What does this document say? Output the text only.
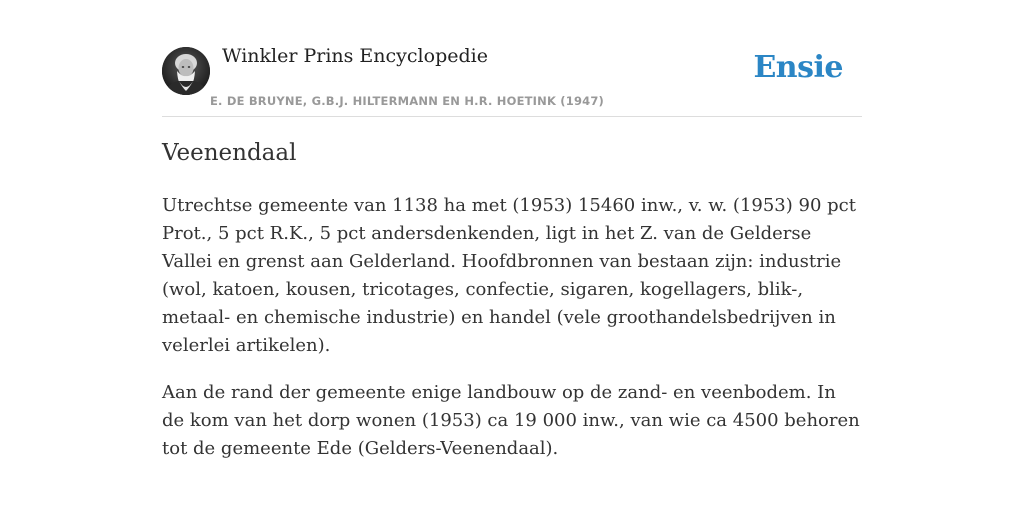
Winkler Prins Encyclopedie

E. DE BRUYNE, G.B.J. HILTERMANN EN H.R. HOETINK (1947)

Ensie
Veenendaal

Utrechtse gemeente van 1138 ha met (1953) 15460 inw., v. w. (1953) 90 pct Prot., 5 pct R.K., 5 pct andersdenkenden, ligt in het Z. van de Gelderse Vallei en grenst aan Gelderland. Hoofdbronnen van bestaan zijn: industrie (wol, katoen, kousen, tricotages, confectie, sigaren, kogellagers, blik-, metaal- en chemische industrie) en handel (vele groothandelsbedrijven in velerlei artikelen).

Aan de rand der gemeente enige landbouw op de zand- en veenbodem. In de kom van het dorp wonen (1953) ca 19 000 inw., van wie ca 4500 behoren tot de gemeente Ede (Gelders-Veenendaal).
